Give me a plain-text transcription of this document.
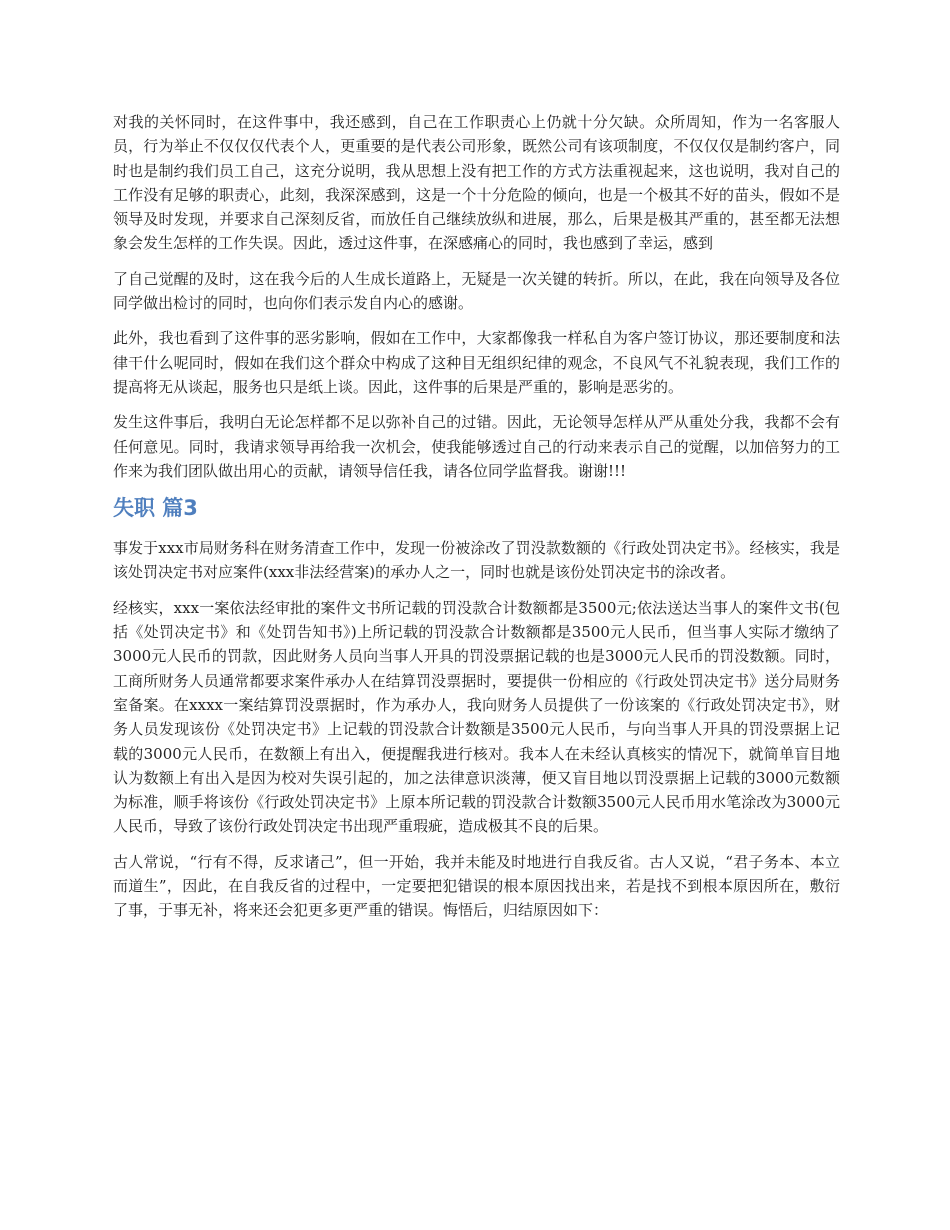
对我的关怀同时，在这件事中，我还感到，自己在工作职责心上仍就十分欠缺。众所周知，作为一名客服人员，行为举止不仅仅仅代表个人，更重要的是代表公司形象，既然公司有该项制度，不仅仅仅是制约客户，同时也是制约我们员工自己，这充分说明，我从思想上没有把工作的方式方法重视起来，这也说明，我对自己的工作没有足够的职责心，此刻，我深深感到，这是一个十分危险的倾向，也是一个极其不好的苗头，假如不是领导及时发现，并要求自己深刻反省，而放任自己继续放纵和进展，那么，后果是极其严重的，甚至都无法想象会发生怎样的工作失误。因此，透过这件事，在深感痛心的同时，我也感到了幸运，感到

了自己觉醒的及时，这在我今后的人生成长道路上，无疑是一次关键的转折。所以，在此，我在向领导及各位同学做出检讨的同时，也向你们表示发自内心的感谢。

此外，我也看到了这件事的恶劣影响，假如在工作中，大家都像我一样私自为客户签订协议，那还要制度和法律干什么呢同时，假如在我们这个群众中构成了这种目无组织纪律的观念，不良风气不礼貌表现，我们工作的提高将无从谈起，服务也只是纸上谈。因此，这件事的后果是严重的，影响是恶劣的。

发生这件事后，我明白无论怎样都不足以弥补自己的过错。因此，无论领导怎样从严从重处分我，我都不会有任何意见。同时，我请求领导再给我一次机会，使我能够透过自己的行动来表示自己的觉醒，以加倍努力的工作来为我们团队做出用心的贡献，请领导信任我，请各位同学监督我。谢谢!!!

失职 篇3

事发于xxx市局财务科在财务清查工作中，发现一份被涂改了罚没款数额的《行政处罚决定书》。经核实，我是该处罚决定书对应案件(xxx非法经营案)的承办人之一，同时也就是该份处罚决定书的涂改者。

经核实，xxx一案依法经审批的案件文书所记载的罚没款合计数额都是3500元;依法送达当事人的案件文书(包括《处罚决定书》和《处罚告知书》)上所记载的罚没款合计数额都是3500元人民币，但当事人实际才缴纳了3000元人民币的罚款，因此财务人员向当事人开具的罚没票据记载的也是3000元人民币的罚没数额。同时，工商所财务人员通常都要求案件承办人在结算罚没票据时，要提供一份相应的《行政处罚决定书》送分局财务室备案。在xxxx一案结算罚没票据时，作为承办人，我向财务人员提供了一份该案的《行政处罚决定书》，财务人员发现该份《处罚决定书》上记载的罚没款合计数额是3500元人民币，与向当事人开具的罚没票据上记载的3000元人民币，在数额上有出入，便提醒我进行核对。我本人在未经认真核实的情况下，就简单盲目地认为数额上有出入是因为校对失误引起的，加之法律意识淡薄，便又盲目地以罚没票据上记载的3000元数额为标准，顺手将该份《行政处罚决定书》上原本所记载的罚没款合计数额3500元人民币用水笔涂改为3000元人民币，导致了该份行政处罚决定书出现严重瑕疵，造成极其不良的后果。

古人常说，“行有不得，反求诸己”，但一开始，我并未能及时地进行自我反省。古人又说，“君子务本、本立而道生”，因此，在自我反省的过程中，一定要把犯错误的根本原因找出来，若是找不到根本原因所在，敷衍了事，于事无补，将来还会犯更多更严重的错误。悔悟后，归结原因如下：
